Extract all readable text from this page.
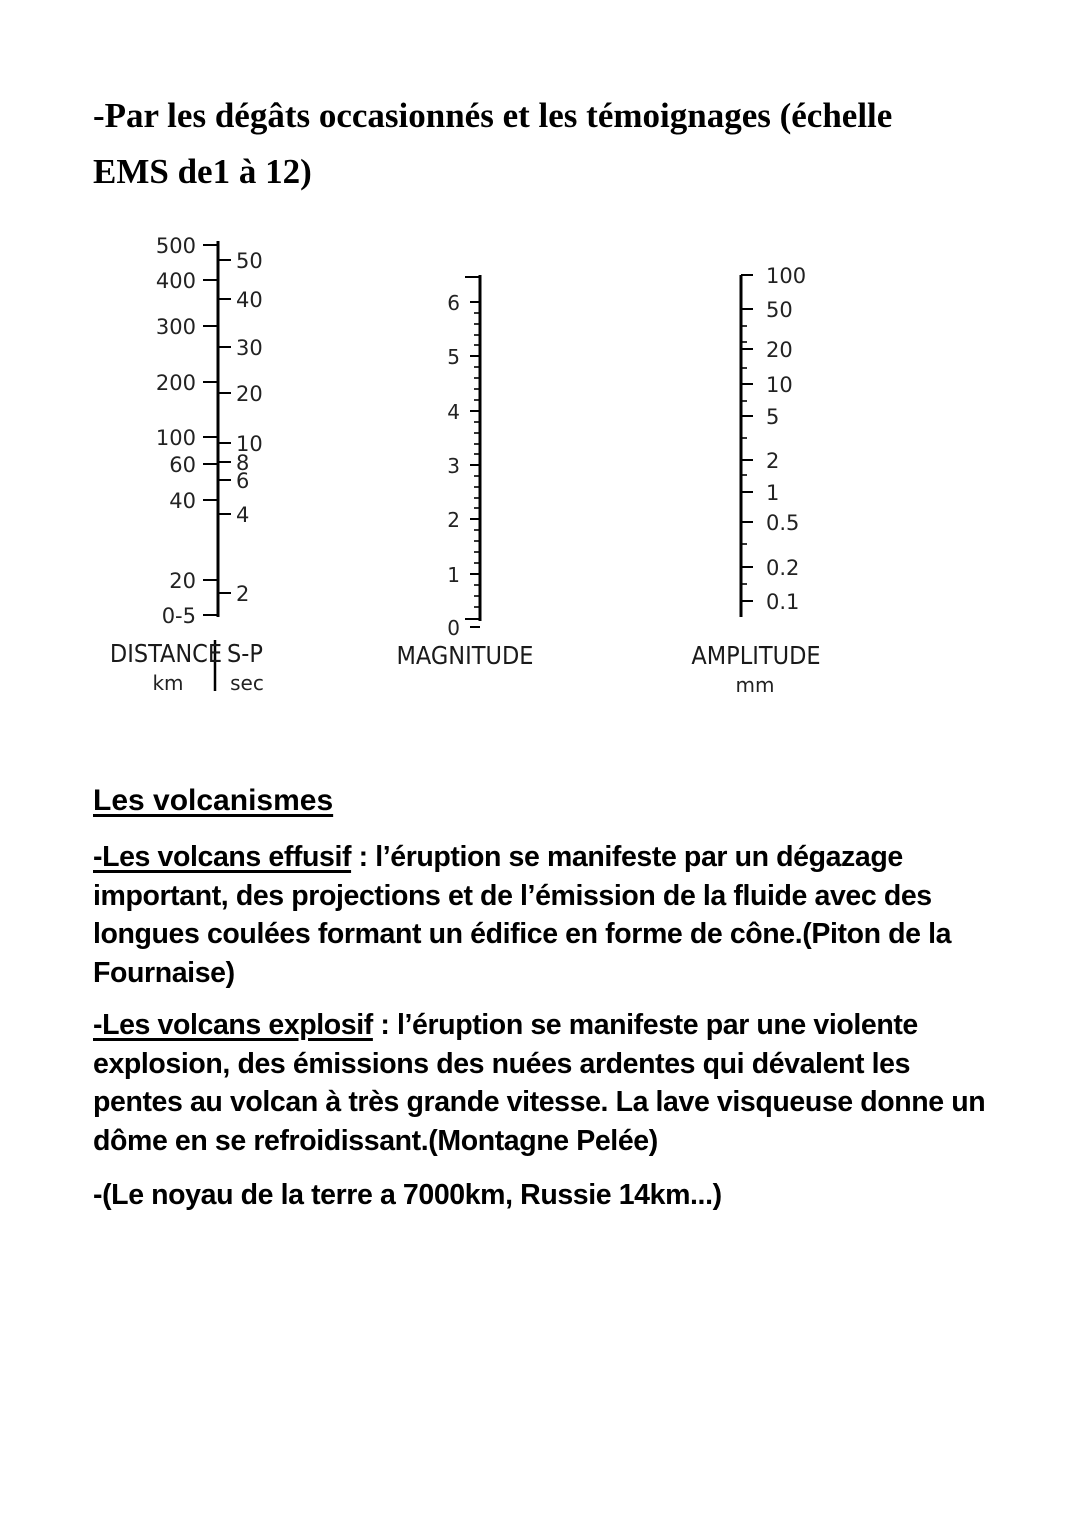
-Par les dégâts occasionnés et les témoignages (échelle
EMS de1 à 12)
500
400
300
200
100
60
40
20
0-5
50
40
30
20
10
8
6
4
2
6
5
4
3
2
1
0
100
50
20
10
5
2
1
0.5
0.2
0.1
DISTANCE S-P	MAGNITUDE	AMPLITUDE
km sec	mm
Les volcanismes
-Les volcans effusif : l’éruption se manifeste par un dégazage important, des projections et de l’émission de la fluide avec des longues coulées formant un édifice en forme de cône.(Piton de la Fournaise)
-Les volcans explosif : l’éruption se manifeste par une violente explosion, des émissions des nuées ardentes qui dévalent les pentes au volcan à très grande vitesse. La lave visqueuse donne un dôme en se refroidissant.(Montagne Pelée)
-(Le noyau de la terre a 7000km, Russie 14km...)
